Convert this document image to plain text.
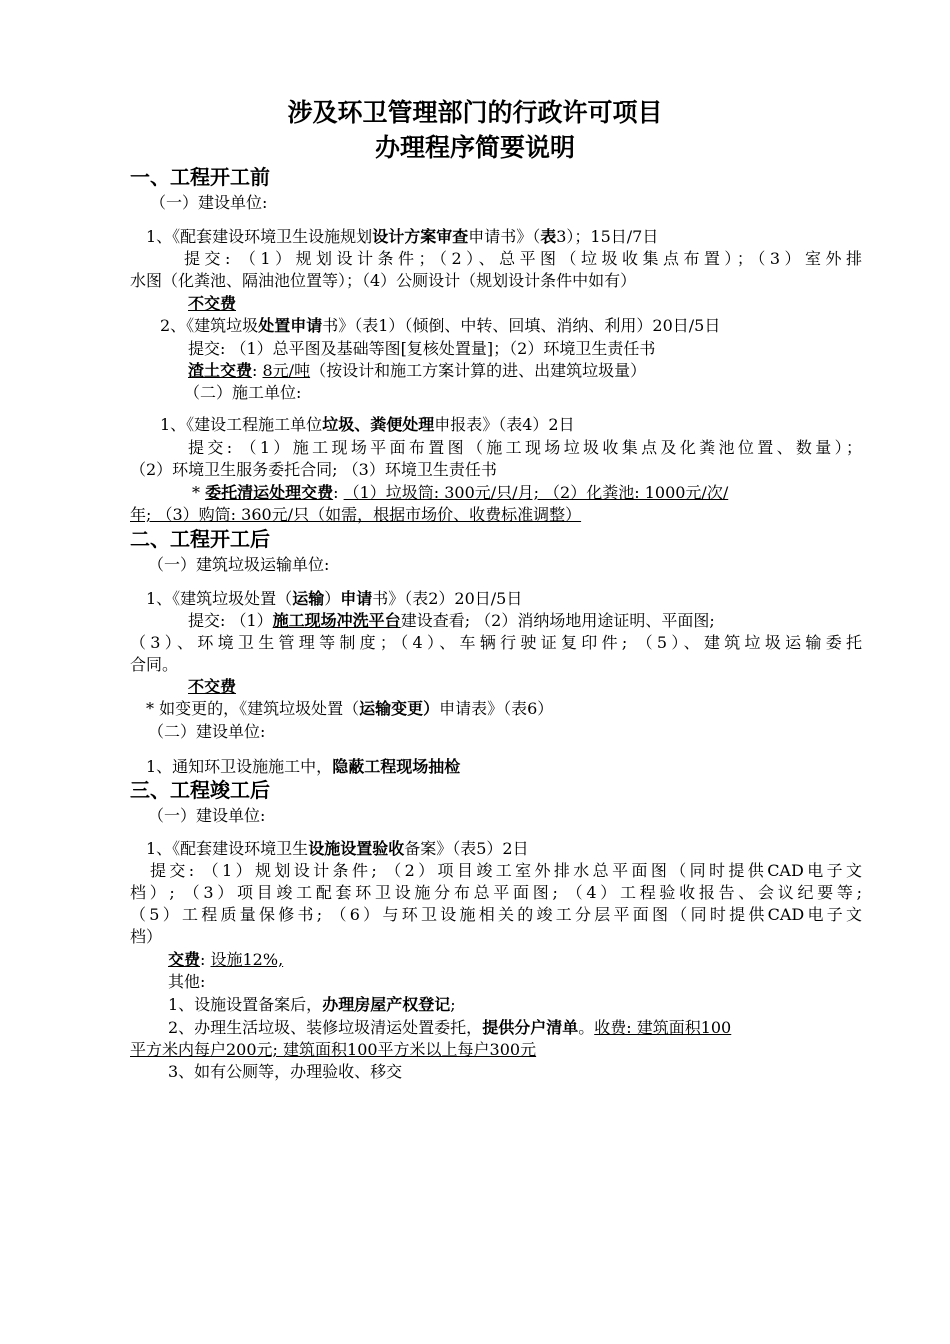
涉及环卫管理部门的行政许可项目
办理程序简要说明
一、工程开工前
（一）建设单位:
1、《配套建设环境卫生设施规划设计方案审查申请书》（表3）；15日/7日
提交: （1）规划设计条件；（2）、总平图（垃圾收集点布置）；（3）室外排
水图（化粪池、隔油池位置等）；（4）公厕设计（规划设计条件中如有）
不交费
2、《建筑垃圾处置申请书》（表1）（倾倒、中转、回填、消纳、利用）20日/5日
提交: （1）总平图及基础等图[复核处置量]；（2）环境卫生责任书
渣土交费: 8元/吨（按设计和施工方案计算的进、出建筑垃圾量）
（二）施工单位:
1、《建设工程施工单位垃圾、粪便处理申报表》（表4）2日
提交: （1）施工现场平面布置图（施工现场垃圾收集点及化粪池位置、数量）；
（2）环境卫生服务委托合同; （3）环境卫生责任书
* 委托清运处理交费: （1）垃圾筒: 300元/只/月; （2）化粪池: 1000元/次/
年; （3）购筒: 360元/只（如需，根据市场价、收费标准调整）
二、工程开工后
（一）建筑垃圾运输单位:
1、《建筑垃圾处置（运输）申请书》（表2）20日/5日
提交: （1）施工现场冲洗平台建设查看; （2）消纳场地用途证明、平面图;
（3）、环境卫生管理等制度；（4）、车辆行驶证复印件; （5）、建筑垃圾运输委托
合同。
不交费
* 如变更的，《建筑垃圾处置（运输变更）申请表》（表6）
（二）建设单位:
1、通知环卫设施施工中，隐蔽工程现场抽检
三、工程竣工后
（一）建设单位:
1、《配套建设环境卫生设施设置验收备案》（表5）2日
提交: （1）规划设计条件; （2）项目竣工室外排水总平面图（同时提供CAD电子文
档）; （3）项目竣工配套环卫设施分布总平面图; （4）工程验收报告、会议纪要等;
（5）工程质量保修书; （6）与环卫设施相关的竣工分层平面图（同时提供CAD电子文
档）
交费: 设施12%,
其他:
1、设施设置备案后，办理房屋产权登记;
2、办理生活垃圾、装修垃圾清运处置委托，提供分户清单。收费: 建筑面积100
平方米内每户200元; 建筑面积100平方米以上每户300元
3、如有公厕等，办理验收、移交
